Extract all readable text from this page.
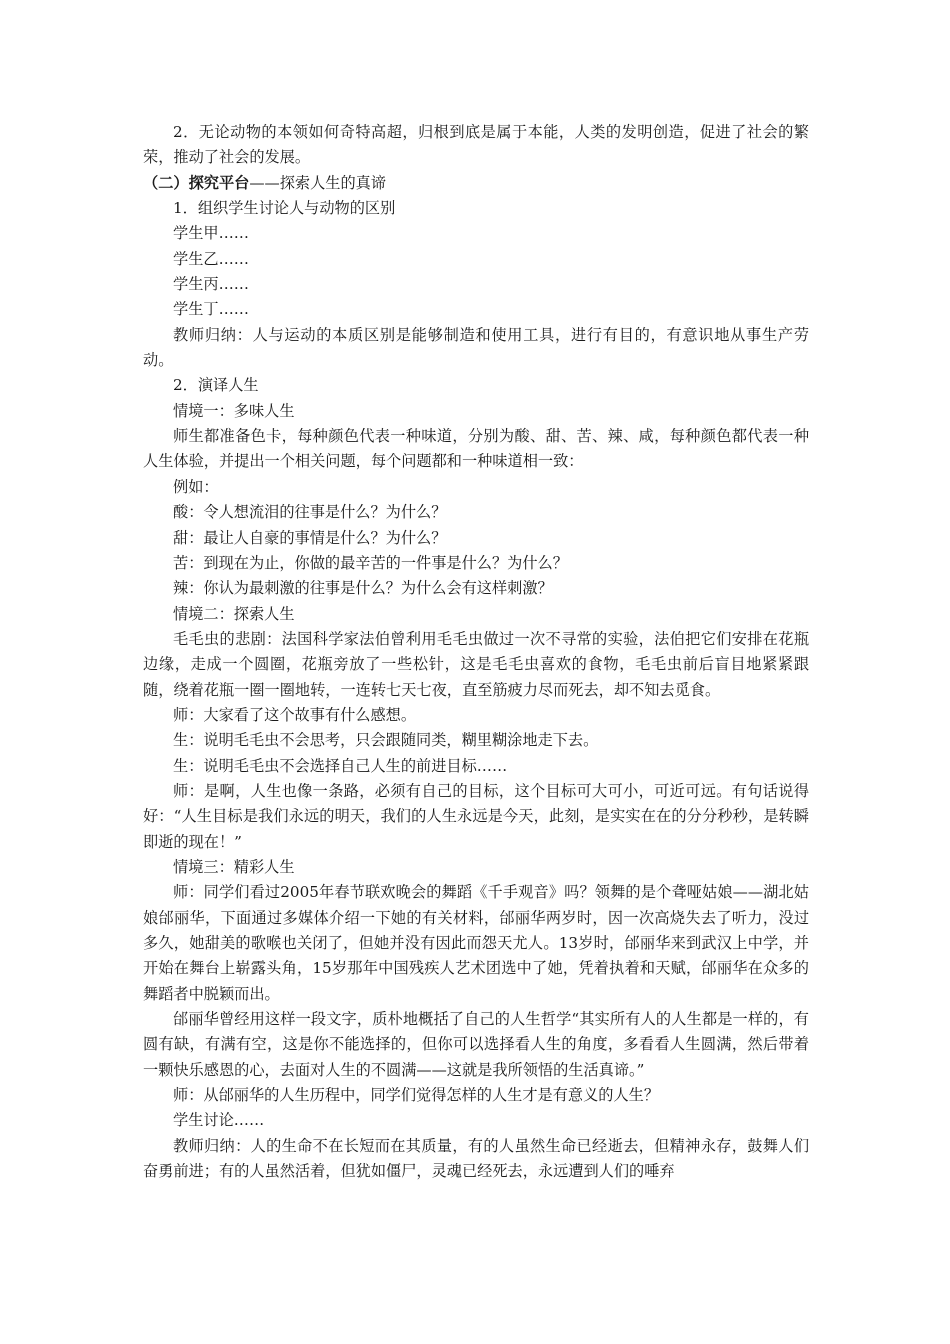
2．无论动物的本领如何奇特高超，归根到底是属于本能，人类的发明创造，促进了社会的繁荣，推动了社会的发展。

（二）探究平台——探索人生的真谛

1．组织学生讨论人与动物的区别

学生甲……

学生乙……

学生丙……

学生丁……

教师归纳：人与运动的本质区别是能够制造和使用工具，进行有目的，有意识地从事生产劳动。

2．演译人生

情境一：多味人生

师生都准备色卡，每种颜色代表一种味道，分别为酸、甜、苦、辣、咸，每种颜色都代表一种人生体验，并提出一个相关问题，每个问题都和一种味道相一致：

例如：

酸：令人想流泪的往事是什么？为什么？

甜：最让人自豪的事情是什么？为什么？

苦：到现在为止，你做的最辛苦的一件事是什么？为什么？

辣：你认为最刺激的往事是什么？为什么会有这样刺激？

情境二：探索人生

毛毛虫的悲剧：法国科学家法伯曾利用毛毛虫做过一次不寻常的实验，法伯把它们安排在花瓶边缘，走成一个圆圈，花瓶旁放了一些松针，这是毛毛虫喜欢的食物，毛毛虫前后盲目地紧紧跟随，绕着花瓶一圈一圈地转，一连转七天七夜，直至筋疲力尽而死去，却不知去觅食。

师：大家看了这个故事有什么感想。

生：说明毛毛虫不会思考，只会跟随同类，糊里糊涂地走下去。

生：说明毛毛虫不会选择自己人生的前进目标……

师：是啊，人生也像一条路，必须有自己的目标，这个目标可大可小，可近可远。有句话说得好：“人生目标是我们永远的明天，我们的人生永远是今天，此刻，是实实在在的分分秒秒，是转瞬即逝的现在！”

情境三：精彩人生

师：同学们看过2005年春节联欢晚会的舞蹈《千手观音》吗？领舞的是个聋哑姑娘——湖北姑娘邰丽华，下面通过多媒体介绍一下她的有关材料，邰丽华两岁时，因一次高烧失去了听力，没过多久，她甜美的歌喉也关闭了，但她并没有因此而怨天尤人。13岁时，邰丽华来到武汉上中学，并开始在舞台上崭露头角，15岁那年中国残疾人艺术团选中了她，凭着执着和天赋，邰丽华在众多的舞蹈者中脱颖而出。

邰丽华曾经用这样一段文字，质朴地概括了自己的人生哲学“其实所有人的人生都是一样的，有圆有缺，有满有空，这是你不能选择的，但你可以选择看人生的角度，多看看人生圆满，然后带着一颗快乐感恩的心，去面对人生的不圆满——这就是我所领悟的生活真谛。”

师：从邰丽华的人生历程中，同学们觉得怎样的人生才是有意义的人生？

学生讨论……

教师归纳：人的生命不在长短而在其质量，有的人虽然生命已经逝去，但精神永存，鼓舞人们奋勇前进；有的人虽然活着，但犹如僵尸，灵魂已经死去，永远遭到人们的唾弃
